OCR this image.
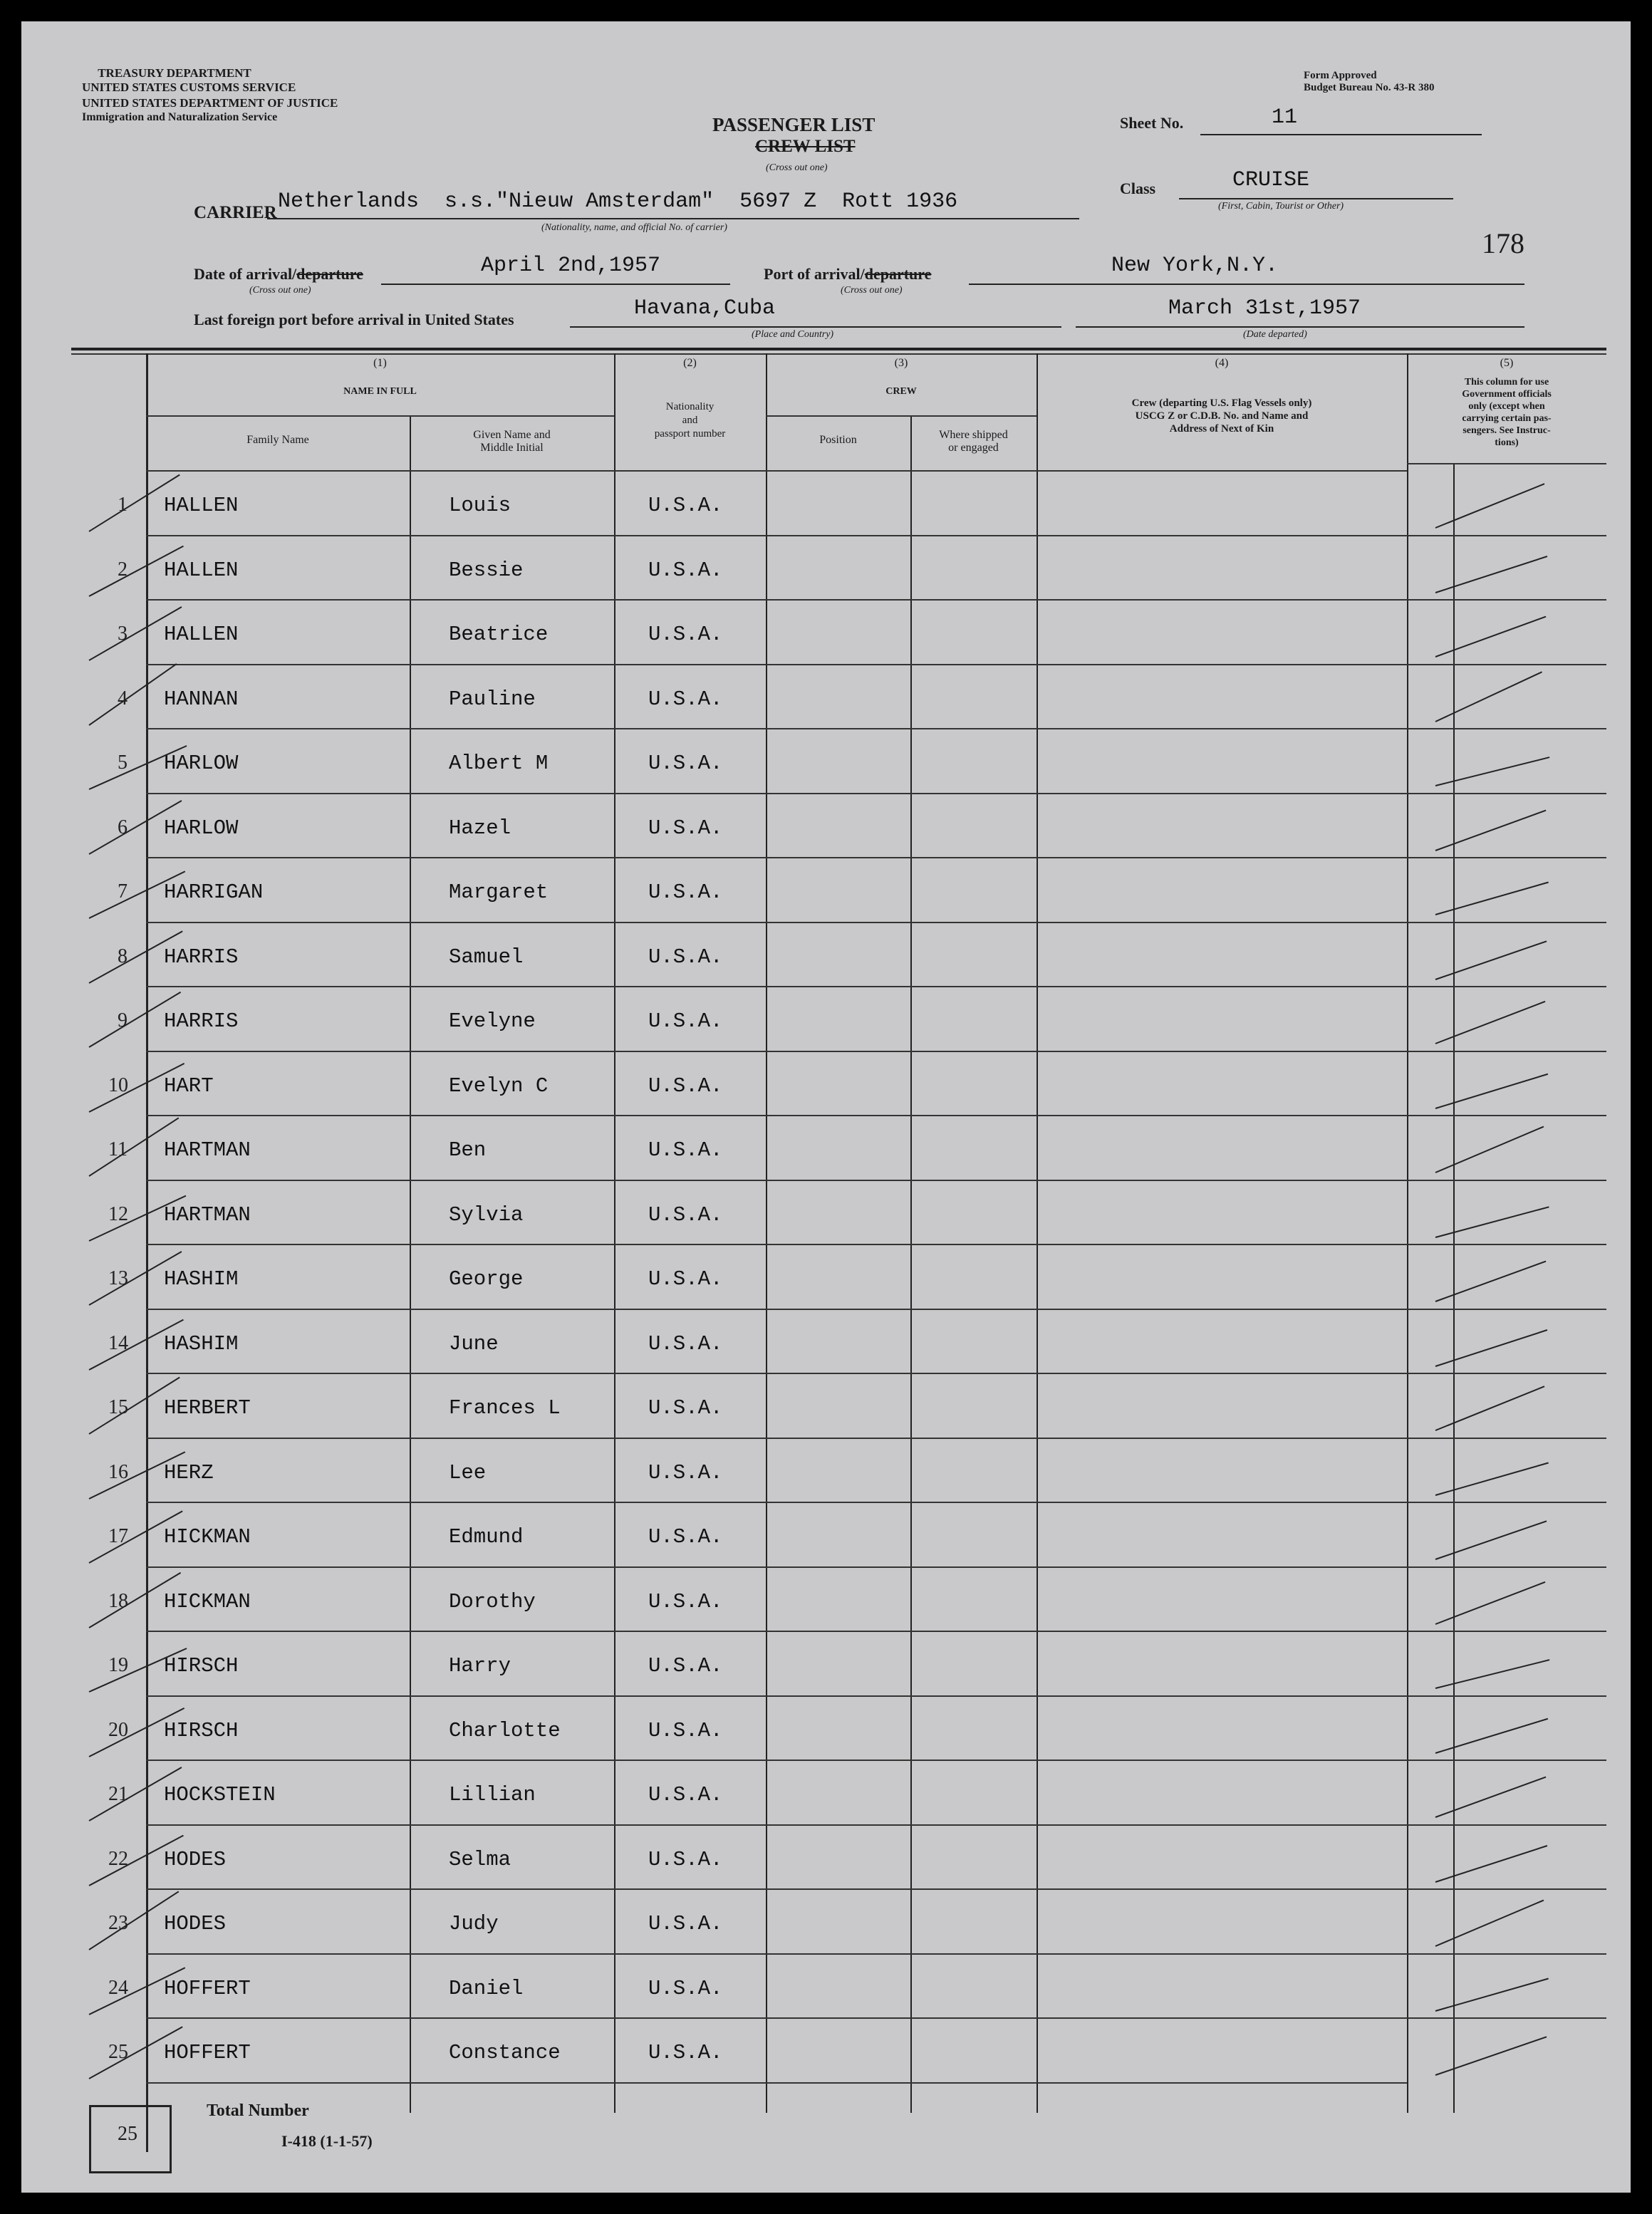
TREASURY DEPARTMENT
UNITED STATES CUSTOMS SERVICE
UNITED STATES DEPARTMENT OF JUSTICE
Immigration and Naturalization Service
Form Approved
Budget Bureau No. 43-R 380
PASSENGER LIST
CREW LIST
(Cross out one)
Sheet No.	11
Class	CRUISE
(First, Cabin, Tourist or Other)
CARRIER Netherlands  s.s."Nieuw Amsterdam"  5697 Z  Rott 1936
(Nationality, name, and official No. of carrier)	178
Date of arrival/departure	April 2nd,1957
(Cross out one)
Port of arrival/departure	New York,N.Y.
(Cross out one)
Last foreign port before arrival in United States	Havana,Cuba
(Place and Country)
March 31st,1957
(Date departed)
(1)
NAME IN FULL
Family Name	Given Name and
Middle Initial
(2)
Nationality
and
passport number
(3)
CREW
Position	Where shipped
or engaged
(4)
Crew (departing U.S. Flag Vessels only)
USCG Z or C.D.B. No. and Name and
Address of Next of Kin
(5)
This column for use
Government officials
only (except when
carrying certain pas-
sengers. See Instruc-
tions)
1 HALLEN	Louis	U.S.A.
2 HALLEN	Bessie	U.S.A.
3 HALLEN	Beatrice	U.S.A.
4 HANNAN	Pauline	U.S.A.
5 HARLOW	Albert M	U.S.A.
6 HARLOW	Hazel	U.S.A.
7 HARRIGAN	Margaret	U.S.A.
8 HARRIS	Samuel	U.S.A.
9 HARRIS	Evelyne	U.S.A.
10 HART	Evelyn C	U.S.A.
11 HARTMAN	Ben	U.S.A.
12 HARTMAN	Sylvia	U.S.A.
13 HASHIM	George	U.S.A.
14 HASHIM	June	U.S.A.
15 HERBERT	Frances L	U.S.A.
16 HERZ	Lee	U.S.A.
17 HICKMAN	Edmund	U.S.A.
18 HICKMAN	Dorothy	U.S.A.
19 HIRSCH	Harry	U.S.A.
20 HIRSCH	Charlotte	U.S.A.
21 HOCKSTEIN	Lillian	U.S.A.
22 HODES	Selma	U.S.A.
23 HODES	Judy	U.S.A.
24 HOFFERT	Daniel	U.S.A.
25 HOFFERT	Constance	U.S.A.
25
Total Number
I-418 (1-1-57)
